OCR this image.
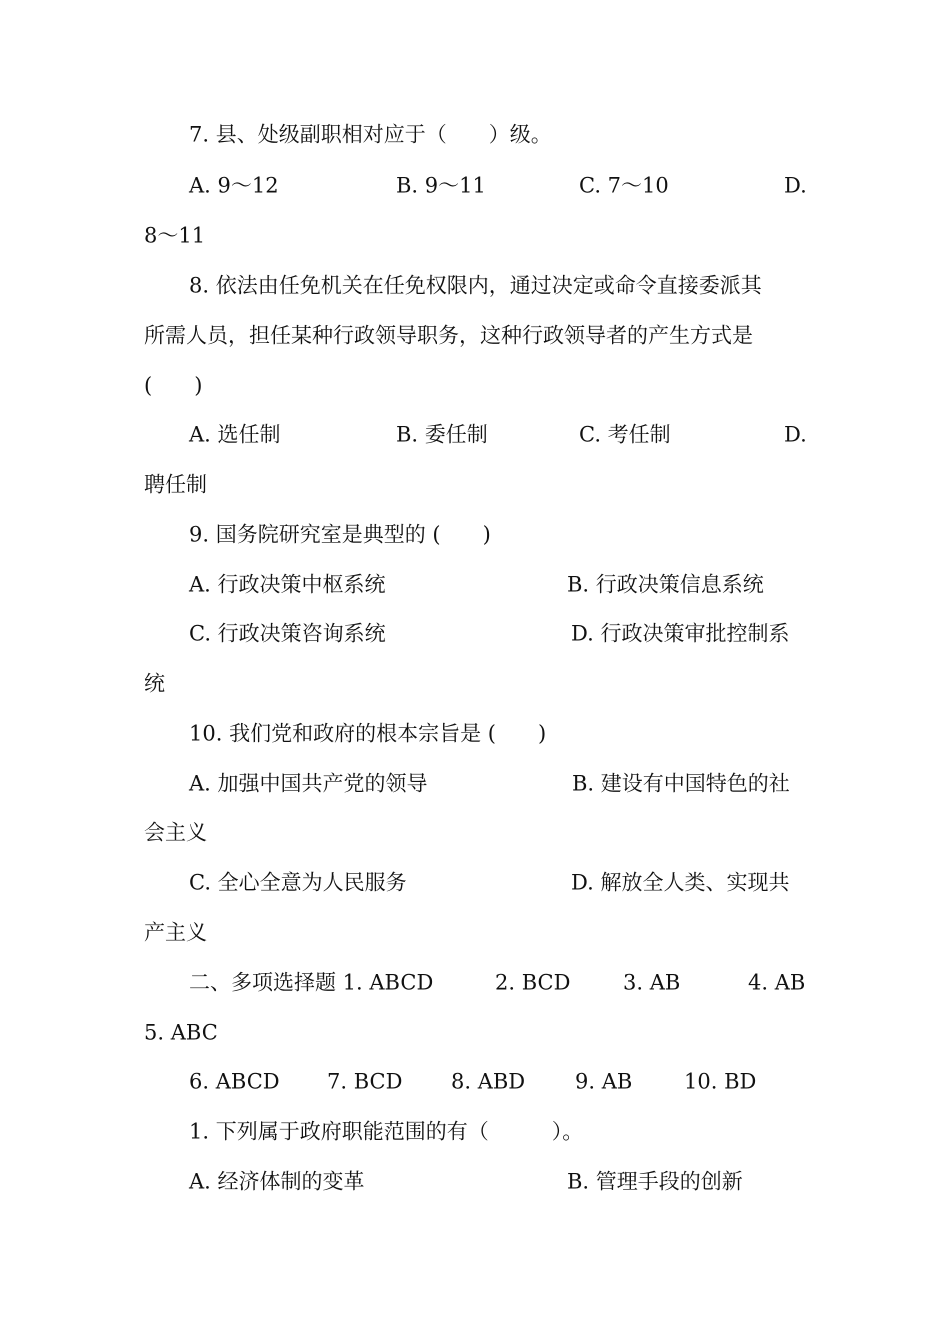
7. 县、处级副职相对应于（　　）级。

A. 9～12	B. 9～11	C. 7～10	D.

8～11

8. 依法由任免机关在任免权限内，通过决定或命令直接委派其

所需人员，担任某种行政领导职务，这种行政领导者的产生方式是

(　　)

A. 选任制	B. 委任制	C. 考任制	D.

聘任制

9. 国务院研究室是典型的 (　　)

A. 行政决策中枢系统	B. 行政决策信息系统

C. 行政决策咨询系统	D. 行政决策审批控制系

统

10. 我们党和政府的根本宗旨是 (　　)

A. 加强中国共产党的领导	B. 建设有中国特色的社

会主义

C. 全心全意为人民服务	D. 解放全人类、实现共

产主义

二、多项选择题 1. ABCD	2. BCD	3. AB	4. AB

5. ABC

6. ABCD 7. BCD 8. ABD 9. AB 10. BD

1. 下列属于政府职能范围的有（　　　）。

A. 经济体制的变革	B. 管理手段的创新
